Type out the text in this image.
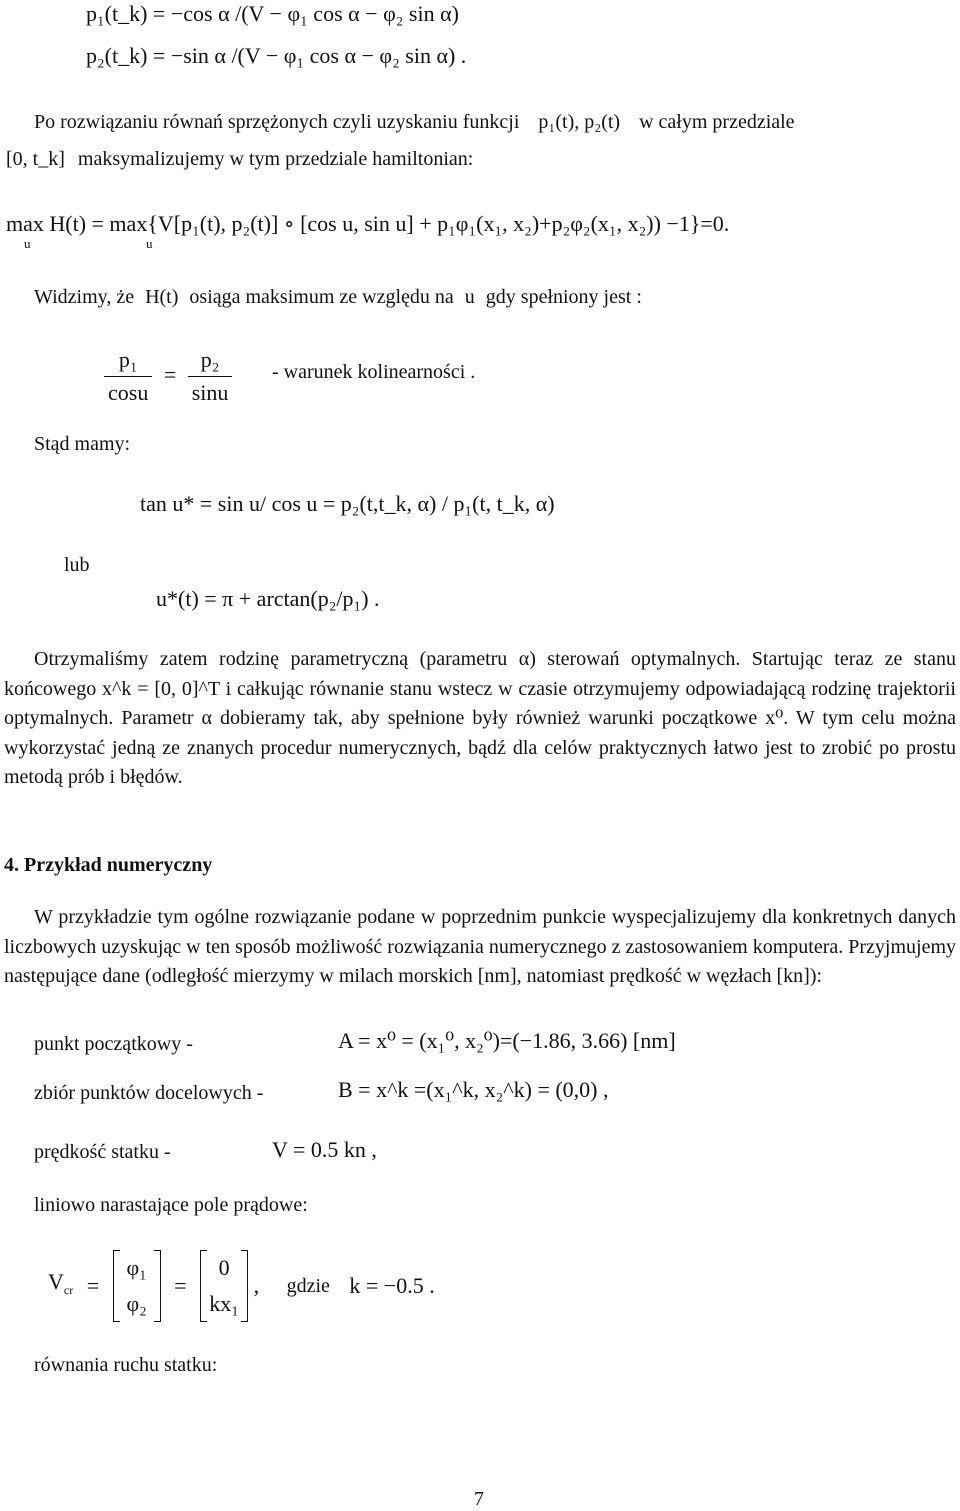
p₁(t_k) = −cos α /(V − φ₁ cos α − φ₂ sin α)
p₂(t_k) = −sin α /(V − φ₁ cos α − φ₂ sin α) .
Po rozwiązaniu równań sprzężonych czyli uzyskaniu funkcji p₁(t), p₂(t) w całym przedziale
[0, t_k] maksymalizujemy w tym przedziale hamiltonian:
max H(t) = max{V[p₁(t), p₂(t)] ∘ [cos u, sin u] + p₁φ₁(x₁, x₂)+p₂φ₂(x₁, x₂)) −1}=0.
u	u
Widzimy, że H(t) osiąga maksimum ze względu na u gdy spełniony jest :
$\frac{\text{p₁}}{\cos u} = \frac{\text{p₂}}{\sin u}$ - warunek kolinearności .
Stąd mamy:
tan u* = sin u/ cos u = p₂(t,t_k, α) / p₁(t, t_k, α)
lub
u*(t) = π + arctan(p₂/p₁) .
Otrzymaliśmy zatem rodzinę parametryczną (parametru α) sterowań optymalnych. Startując teraz ze stanu końcowego x^k = [0, 0]^T i całkując równanie stanu wstecz w czasie otrzymujemy odpowiadającą rodzinę trajektorii optymalnych. Parametr α dobieramy tak, aby spełnione były również warunki początkowe x⁰. W tym celu można wykorzystać jedną ze znanych procedur numerycznych, bądź dla celów praktycznych łatwo jest to zrobić po prostu metodą prób i błędów.
4. Przykład numeryczny
W przykładzie tym ogólne rozwiązanie podane w poprzednim punkcie wyspecjalizujemy dla konkretnych danych liczbowych uzyskując w ten sposób możliwość rozwiązania numerycznego z zastosowaniem komputera. Przyjmujemy następujące dane (odległość mierzymy w milach morskich [nm], natomiast prędkość w węzłach [kn]):
punkt początkowy -	A = x⁰ = (x₁⁰, x₂⁰)=(−1.86, 3.66) [nm]
zbiór punktów docelowych -	B = x^k =(x₁^k, x₂^k) = (0,0) ,
prędkość statku -	V = 0.5 kn ,
liniowo narastające pole prądowe:
$V_{cr}$ =
φ₁
φ₂
=
0
kx₁
, gdzie k = −0.5 .
równania ruchu statku:
7
